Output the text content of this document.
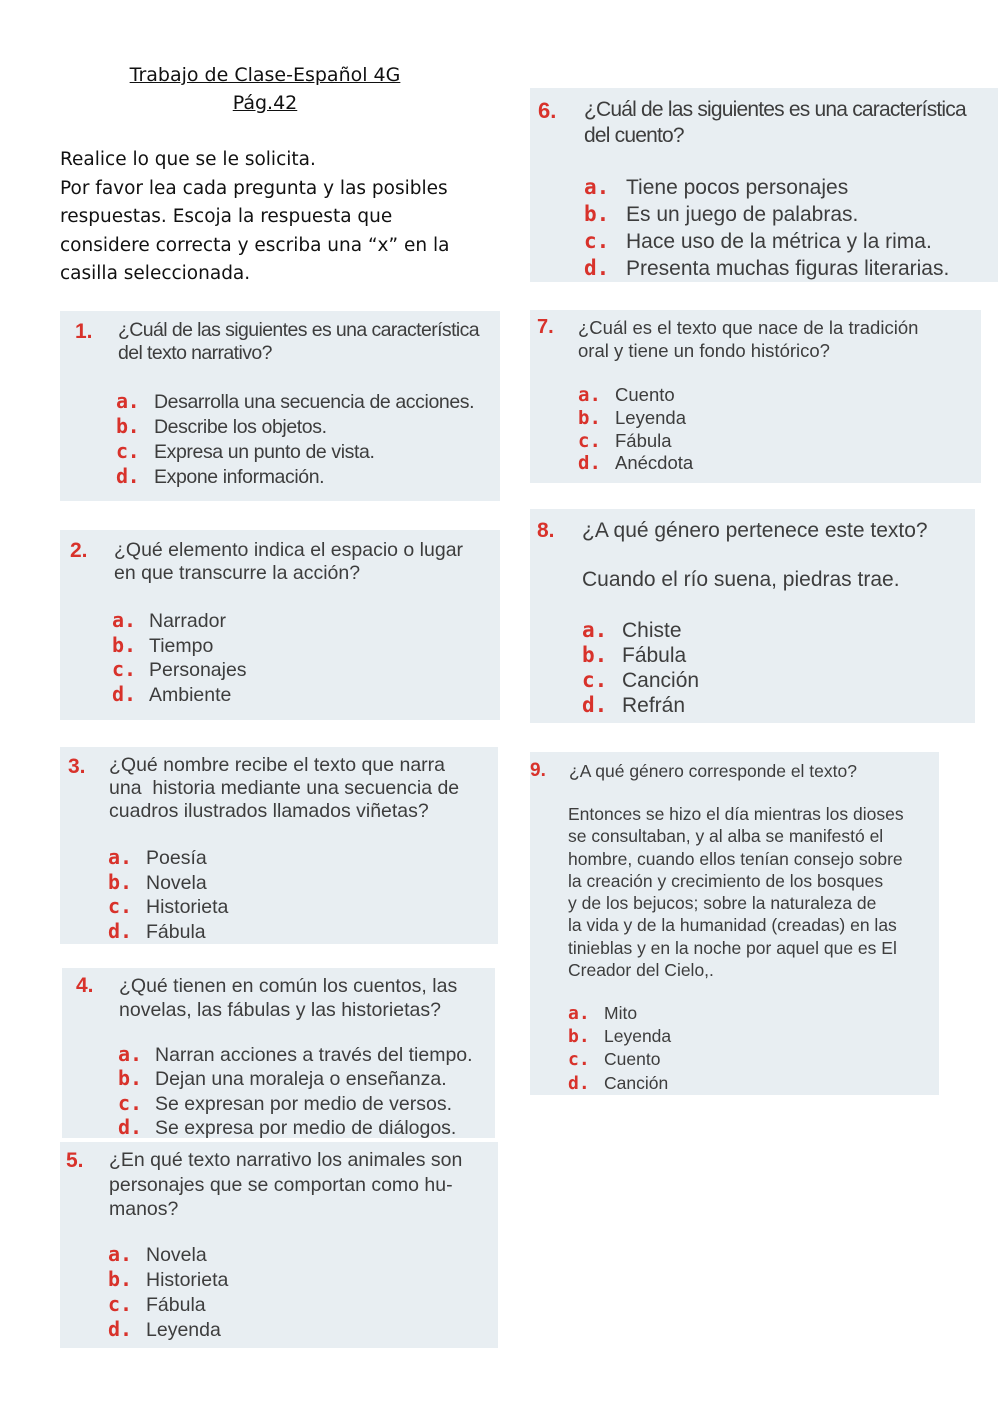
Trabajo de Clase-Español 4G
Pág.42

Realice lo que se le solicita.

Por favor lea cada pregunta y las posibles

respuestas. Escoja la respuesta que

considere correcta y escriba una “x” en la

casilla seleccionada.

1. ¿Cuál de las siguientes es una característica
del texto narrativo?
a. Desarrolla una secuencia de acciones.
b. Describe los objetos.
c. Expresa un punto de vista.
d. Expone información.
2. ¿Qué elemento indica el espacio o lugar
en que transcurre la acción?
a. Narrador
b. Tiempo
c. Personajes
d. Ambiente
3. ¿Qué nombre recibe el texto que narra
una  historia mediante una secuencia de
cuadros ilustrados llamados viñetas?
a. Poesía
b. Novela
c. Historieta
d. Fábula
4. ¿Qué tienen en común los cuentos, las
novelas, las fábulas y las historietas?
a. Narran acciones a través del tiempo.
b. Dejan una moraleja o enseñanza.
c. Se expresan por medio de versos.
d. Se expresa por medio de diálogos.
5. ¿En qué texto narrativo los animales son
personajes que se comportan como hu-
manos?
a. Novela
b. Historieta
c. Fábula
d. Leyenda
6. ¿Cuál de las siguientes es una característica
del cuento?
a. Tiene pocos personajes
b. Es un juego de palabras.
c. Hace uso de la métrica y la rima.
d. Presenta muchas figuras literarias.
7. ¿Cuál es el texto que nace de la tradición
oral y tiene un fondo histórico?
a. Cuento
b. Leyenda
c. Fábula
d. Anécdota
8. ¿A qué género pertenece este texto?
Cuando el río suena, piedras trae.
a. Chiste
b. Fábula
c. Canción
d. Refrán
9. ¿A qué género corresponde el texto?
Entonces se hizo el día mientras los dioses
se consultaban, y al alba se manifestó el
hombre, cuando ellos tenían consejo sobre
la creación y crecimiento de los bosques
y de los bejucos; sobre la naturaleza de
la vida y de la humanidad (creadas) en las
tinieblas y en la noche por aquel que es El
Creador del Cielo,.
a. Mito
b. Leyenda
c. Cuento
d. Canción
